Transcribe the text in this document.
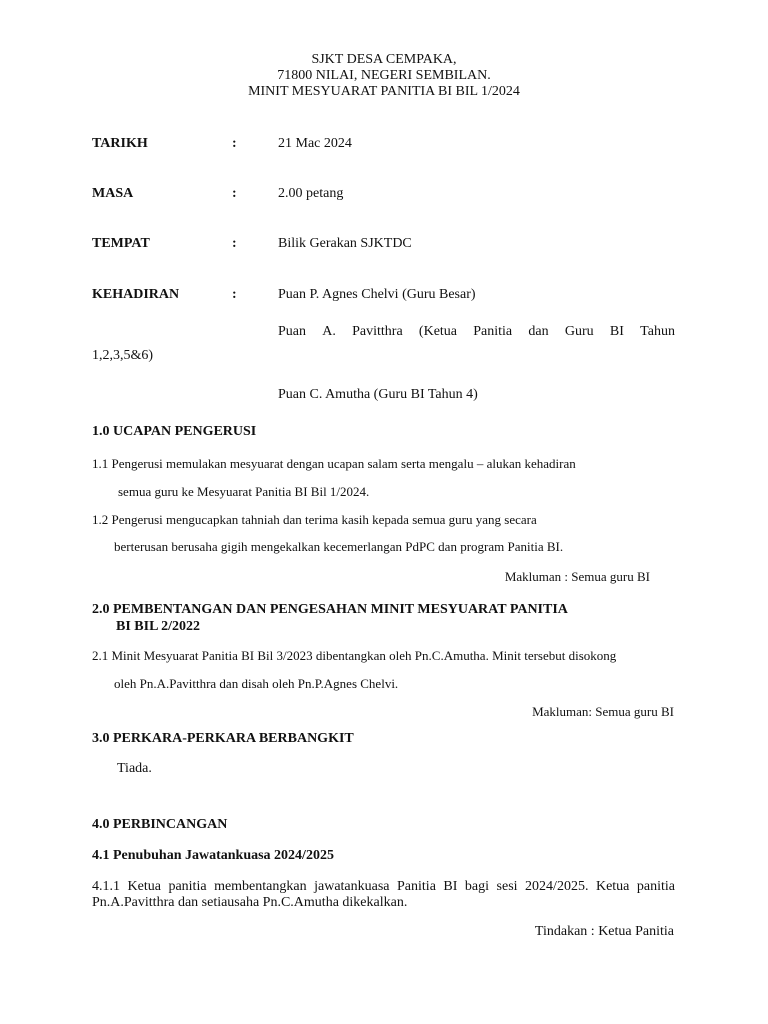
SJKT DESA CEMPAKA,
71800 NILAI, NEGERI SEMBILAN.
MINIT MESYUARAT PANITIA BI BIL 1/2024
TARIKH	:	21 Mac 2024
MASA	:	2.00 petang
TEMPAT	:	Bilik Gerakan SJKTDC
KEHADIRAN	:	Puan P. Agnes Chelvi (Guru Besar)
Puan A. Pavitthra (Ketua Panitia dan Guru BI Tahun
1,2,3,5&6)
Puan C. Amutha (Guru BI Tahun 4)
1.0 UCAPAN PENGERUSI
1.1 Pengerusi memulakan mesyuarat dengan ucapan salam serta mengalu – alukan kehadiran
semua guru ke Mesyuarat Panitia BI Bil 1/2024.
1.2 Pengerusi mengucapkan tahniah dan terima kasih kepada semua guru yang secara
berterusan berusaha gigih mengekalkan kecemerlangan PdPC dan program Panitia BI.
Makluman : Semua guru BI
2.0 PEMBENTANGAN DAN PENGESAHAN MINIT MESYUARAT PANITIA
BI BIL 2/2022
2.1 Minit Mesyuarat Panitia BI Bil 3/2023 dibentangkan oleh Pn.C.Amutha. Minit tersebut disokong
oleh Pn.A.Pavitthra dan disah oleh Pn.P.Agnes Chelvi.
Makluman: Semua guru BI
3.0 PERKARA-PERKARA BERBANGKIT
Tiada.
4.0 PERBINCANGAN
4.1 Penubuhan Jawatankuasa 2024/2025
4.1.1 Ketua panitia membentangkan jawatankuasa Panitia BI bagi sesi 2024/2025. Ketua panitia Pn.A.Pavitthra dan setiausaha Pn.C.Amutha dikekalkan.
Tindakan : Ketua Panitia
